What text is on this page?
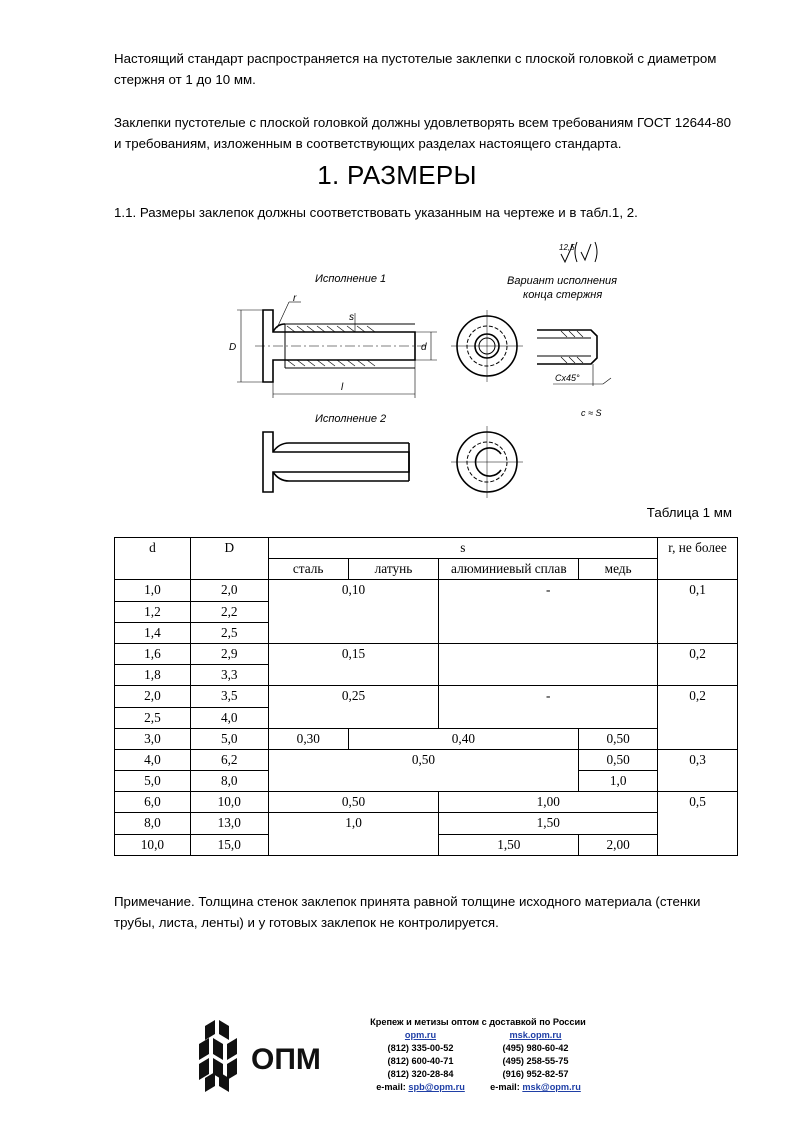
Настоящий стандарт распространяется на пустотелые заклепки с плоской головкой с диаметром стержня от 1 до 10 мм.
Заклепки пустотелые с плоской головкой должны удовлетворять всем требованиям ГОСТ 12644-80 и требованиям, изложенным в соответствующих разделах настоящего стандарта.
1. РАЗМЕРЫ
1.1. Размеры заклепок должны соответствовать указанным на чертеже и в табл.1, 2.
Исполнение 1
r
s
D	d
l
Вариант исполнения
конца стержня
Cx45°
c ≈ S
12,5
Исполнение 2
Таблица 1 мм
d	D	s				r, не более
		сталь	латунь	алюминиевый сплав	медь	
1,0	2,0	0,10		-		0,1
1,2	2,2					
1,4	2,5					
1,6	2,9	0,15				0,2
1,8	3,3					
2,0	3,5	0,25		-		0,2
2,5	4,0					
3,0	5,0	0,30	0,40		0,50	
4,0	6,2	0,50			0,50	0,3
5,0	8,0				1,0	
6,0	10,0	0,50		1,00		0,5
8,0	13,0	1,0		1,50		
10,0	15,0			1,50	2,00	
Примечание. Толщина стенок заклепок принята равной толщине исходного материала (стенки трубы, листа, ленты) и у готовых заклепок не контролируется.
ОПМ
Крепеж и метизы оптом с доставкой по России
opm.ru
(812) 335-00-52
(812) 600-40-71
(812) 320-28-84
e-mail: spb@opm.ru
msk.opm.ru
(495) 980-60-42
(495) 258-55-75
(916) 952-82-57
e-mail: msk@opm.ru
